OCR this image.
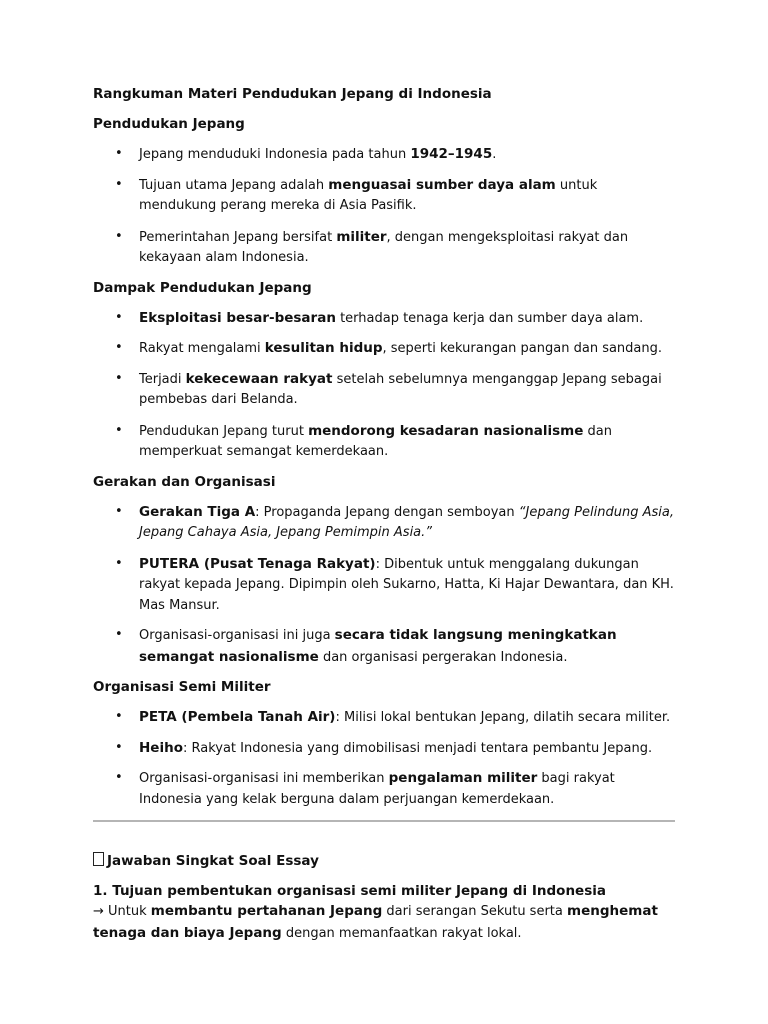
Rangkuman Materi Pendudukan Jepang di Indonesia

Pendudukan Jepang

• Jepang menduduki Indonesia pada tahun 1942–1945.
• Tujuan utama Jepang adalah menguasai sumber daya alam untuk mendukung perang mereka di Asia Pasifik.
• Pemerintahan Jepang bersifat militer, dengan mengeksploitasi rakyat dan kekayaan alam Indonesia.

Dampak Pendudukan Jepang

• Eksploitasi besar-besaran terhadap tenaga kerja dan sumber daya alam.
• Rakyat mengalami kesulitan hidup, seperti kekurangan pangan dan sandang.
• Terjadi kekecewaan rakyat setelah sebelumnya menganggap Jepang sebagai pembebas dari Belanda.
• Pendudukan Jepang turut mendorong kesadaran nasionalisme dan memperkuat semangat kemerdekaan.

Gerakan dan Organisasi

• Gerakan Tiga A: Propaganda Jepang dengan semboyan “Jepang Pelindung Asia, Jepang Cahaya Asia, Jepang Pemimpin Asia.”
• PUTERA (Pusat Tenaga Rakyat): Dibentuk untuk menggalang dukungan rakyat kepada Jepang. Dipimpin oleh Sukarno, Hatta, Ki Hajar Dewantara, dan KH. Mas Mansur.
• Organisasi-organisasi ini juga secara tidak langsung meningkatkan semangat nasionalisme dan organisasi pergerakan Indonesia.

Organisasi Semi Militer

• PETA (Pembela Tanah Air): Milisi lokal bentukan Jepang, dilatih secara militer.
• Heiho: Rakyat Indonesia yang dimobilisasi menjadi tentara pembantu Jepang.
• Organisasi-organisasi ini memberikan pengalaman militer bagi rakyat Indonesia yang kelak berguna dalam perjuangan kemerdekaan.

Jawaban Singkat Soal Essay

1. Tujuan pembentukan organisasi semi militer Jepang di Indonesia

→ Untuk membantu pertahanan Jepang dari serangan Sekutu serta menghemat tenaga dan biaya Jepang dengan memanfaatkan rakyat lokal.
